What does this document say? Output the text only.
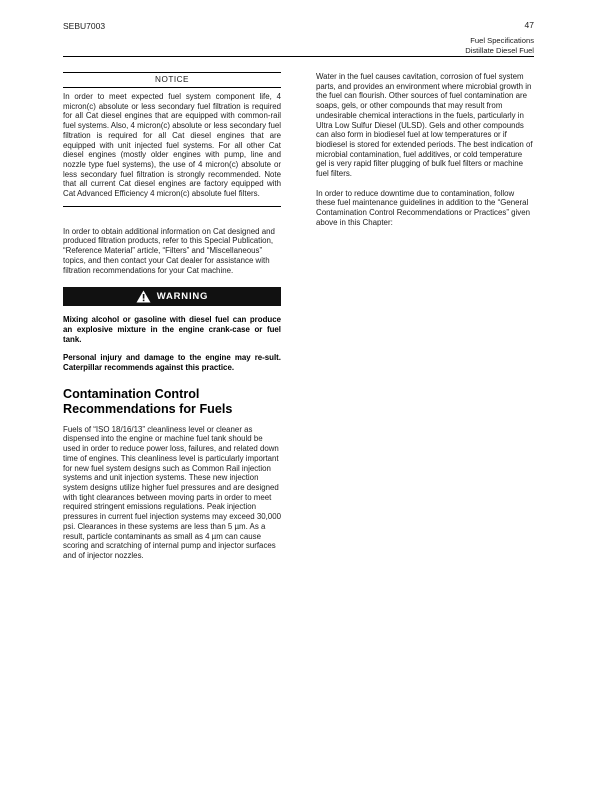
SEBU7003	47
Fuel Specifications
Distillate Diesel Fuel
NOTICE
In order to meet expected fuel system component life, 4 micron(c) absolute or less secondary fuel filtration is required for all Cat diesel engines that are equipped with common-rail fuel systems. Also, 4 micron(c) absolute or less secondary fuel filtration is required for all Cat diesel engines that are equipped with unit injected fuel systems. For all other Cat diesel engines (mostly older engines with pump, line and nozzle type fuel systems), the use of 4 micron(c) absolute or less secondary fuel filtration is strongly recommended. Note that all current Cat diesel engines are factory equipped with Cat Advanced Efficiency 4 micron(c) absolute fuel filters.

In order to obtain additional information on Cat designed and produced filtration products, refer to this Special Publication, “Reference Material” article, “Filters” and “Miscellaneous” topics, and then contact your Cat dealer for assistance with filtration recommendations for your Cat machine.

WARNING

Mixing alcohol or gasoline with diesel fuel can produce an explosive mixture in the engine crank-case or fuel tank.

Personal injury and damage to the engine may re-sult. Caterpillar recommends against this practice.

Contamination Control Recommendations for Fuels

Fuels of “ISO 18/16/13” cleanliness level or cleaner as dispensed into the engine or machine fuel tank should be used in order to reduce power loss, failures, and related down time of engines. This cleanliness level is particularly important for new fuel system designs such as Common Rail injection systems and unit injection systems. These new injection system designs utilize higher fuel pressures and are designed with tight clearances between moving parts in order to meet required stringent emissions regulations. Peak injection pressures in current fuel injection systems may exceed 30,000 psi. Clearances in these systems are less than 5 µm. As a result, particle contaminants as small as 4 µm can cause scoring and scratching of internal pump and injector surfaces and of injector nozzles.

Water in the fuel causes cavitation, corrosion of fuel system parts, and provides an environment where microbial growth in the fuel can flourish. Other sources of fuel contamination are soaps, gels, or other compounds that may result from undesirable chemical interactions in the fuels, particularly in Ultra Low Sulfur Diesel (ULSD). Gels and other compounds can also form in biodiesel fuel at low temperatures or if biodiesel is stored for extended periods. The best indication of microbial contamination, fuel additives, or cold temperature gel is very rapid filter plugging of bulk fuel filters or machine fuel filters.

In order to reduce downtime due to contamination, follow these fuel maintenance guidelines in addition to the “General Contamination Control Recommendations or Practices” given above in this Chapter:
